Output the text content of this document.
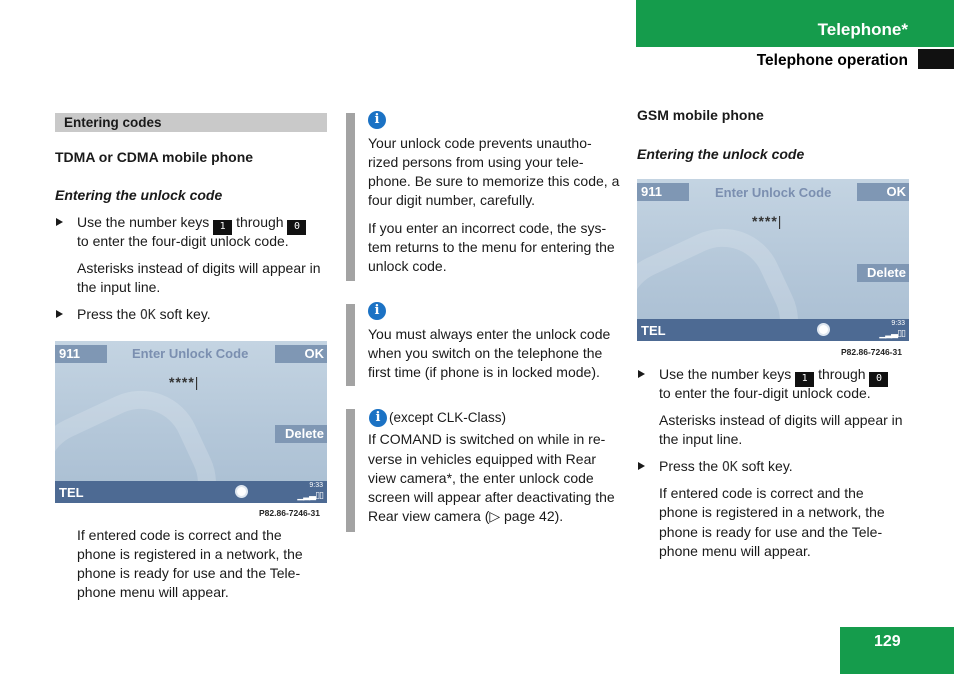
Telephone*
Telephone operation
Entering codes
TDMA or CDMA mobile phone
Entering the unlock code
Use the number keys 1 through 0
to enter the four-digit unlock code.
Asterisks instead of digits will appear in
the input line.
Press the OK soft key.
911	Enter Unlock Code	OK
****|
Delete
TEL	9:33
▁▂▃▯▯
P82.86-7246-31
If entered code is correct and the
phone is registered in a network, the
phone is ready for use and the Tele-
phone menu will appear.
i
Your unlock code prevents unautho-
rized persons from using your tele-
phone. Be sure to memorize this code, a
four digit number, carefully.
If you enter an incorrect code, the sys-
tem returns to the menu for entering the
unlock code.
i
You must always enter the unlock code
when you switch on the telephone the
first time (if phone is in locked mode).
i (except CLK-Class)
If COMAND is switched on while in re-
verse in vehicles equipped with Rear
view camera*, the enter unlock code
screen will appear after deactivating the
Rear view camera (▷ page 42).
GSM mobile phone
Entering the unlock code
911	Enter Unlock Code	OK
****|
Delete
TEL	9:33
▁▂▃▯▯
P82.86-7246-31
Use the number keys 1 through 0
to enter the four-digit unlock code.
Asterisks instead of digits will appear in
the input line.
Press the OK soft key.
If entered code is correct and the
phone is registered in a network, the
phone is ready for use and the Tele-
phone menu will appear.
129
